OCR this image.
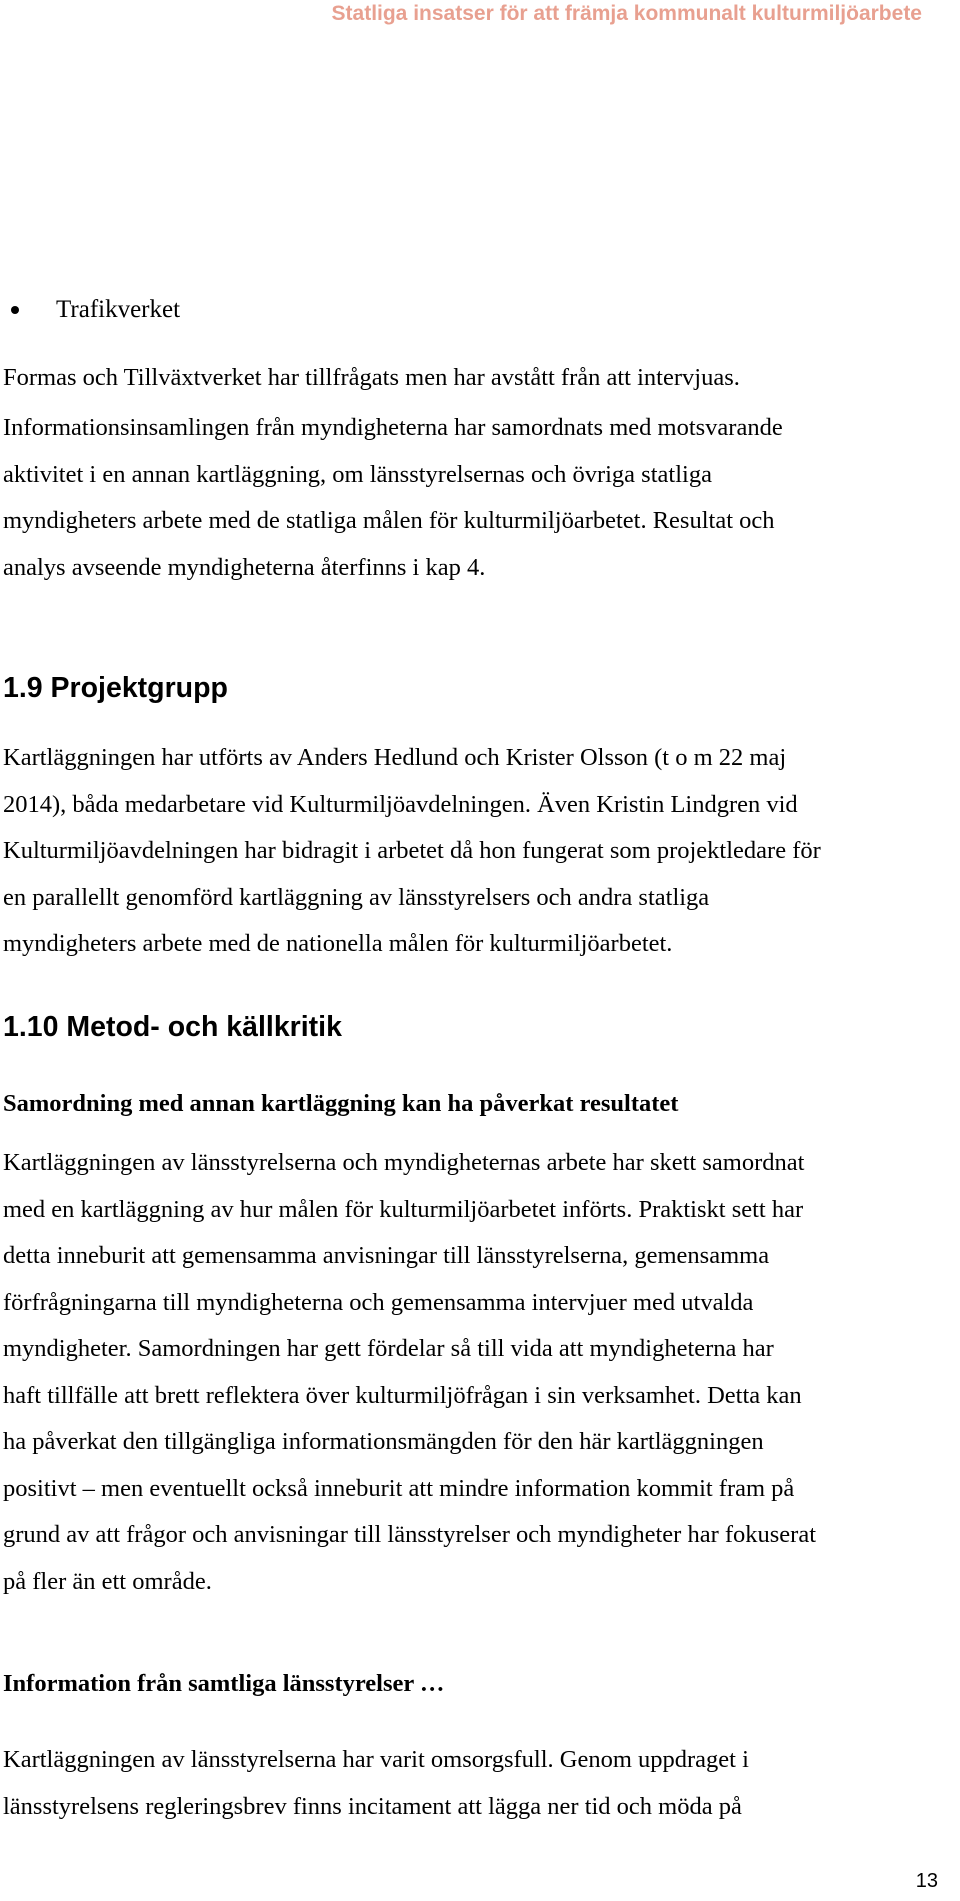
Statliga insatser för att främja kommunalt kulturmiljöarbete
Trafikverket

Formas och Tillväxtverket har tillfrågats men har avstått från att intervjuas.

Informationsinsamlingen från myndigheterna har samordnats med motsvarande
aktivitet i en annan kartläggning, om länsstyrelsernas och övriga statliga
myndigheters arbete med de statliga målen för kulturmiljöarbetet. Resultat och
analys avseende myndigheterna återfinns i kap 4.

1.9 Projektgrupp

Kartläggningen har utförts av Anders Hedlund och Krister Olsson (t o m 22 maj
2014), båda medarbetare vid Kulturmiljöavdelningen. Även Kristin Lindgren vid
Kulturmiljöavdelningen har bidragit i arbetet då hon fungerat som projektledare för
en parallellt genomförd kartläggning av länsstyrelsers och andra statliga
myndigheters arbete med de nationella målen för kulturmiljöarbetet.

1.10 Metod- och källkritik
Samordning med annan kartläggning kan ha påverkat resultatet

Kartläggningen av länsstyrelserna och myndigheternas arbete har skett samordnat
med en kartläggning av hur målen för kulturmiljöarbetet införts. Praktiskt sett har
detta inneburit att gemensamma anvisningar till länsstyrelserna, gemensamma
förfrågningarna till myndigheterna och gemensamma intervjuer med utvalda
myndigheter. Samordningen har gett fördelar så till vida att myndigheterna har
haft tillfälle att brett reflektera över kulturmiljöfrågan i sin verksamhet. Detta kan
ha påverkat den tillgängliga informationsmängden för den här kartläggningen
positivt – men eventuellt också inneburit att mindre information kommit fram på
grund av att frågor och anvisningar till länsstyrelser och myndigheter har fokuserat
på fler än ett område.

Information från samtliga länsstyrelser …

Kartläggningen av länsstyrelserna har varit omsorgsfull. Genom uppdraget i
länsstyrelsens regleringsbrev finns incitament att lägga ner tid och möda på

13
